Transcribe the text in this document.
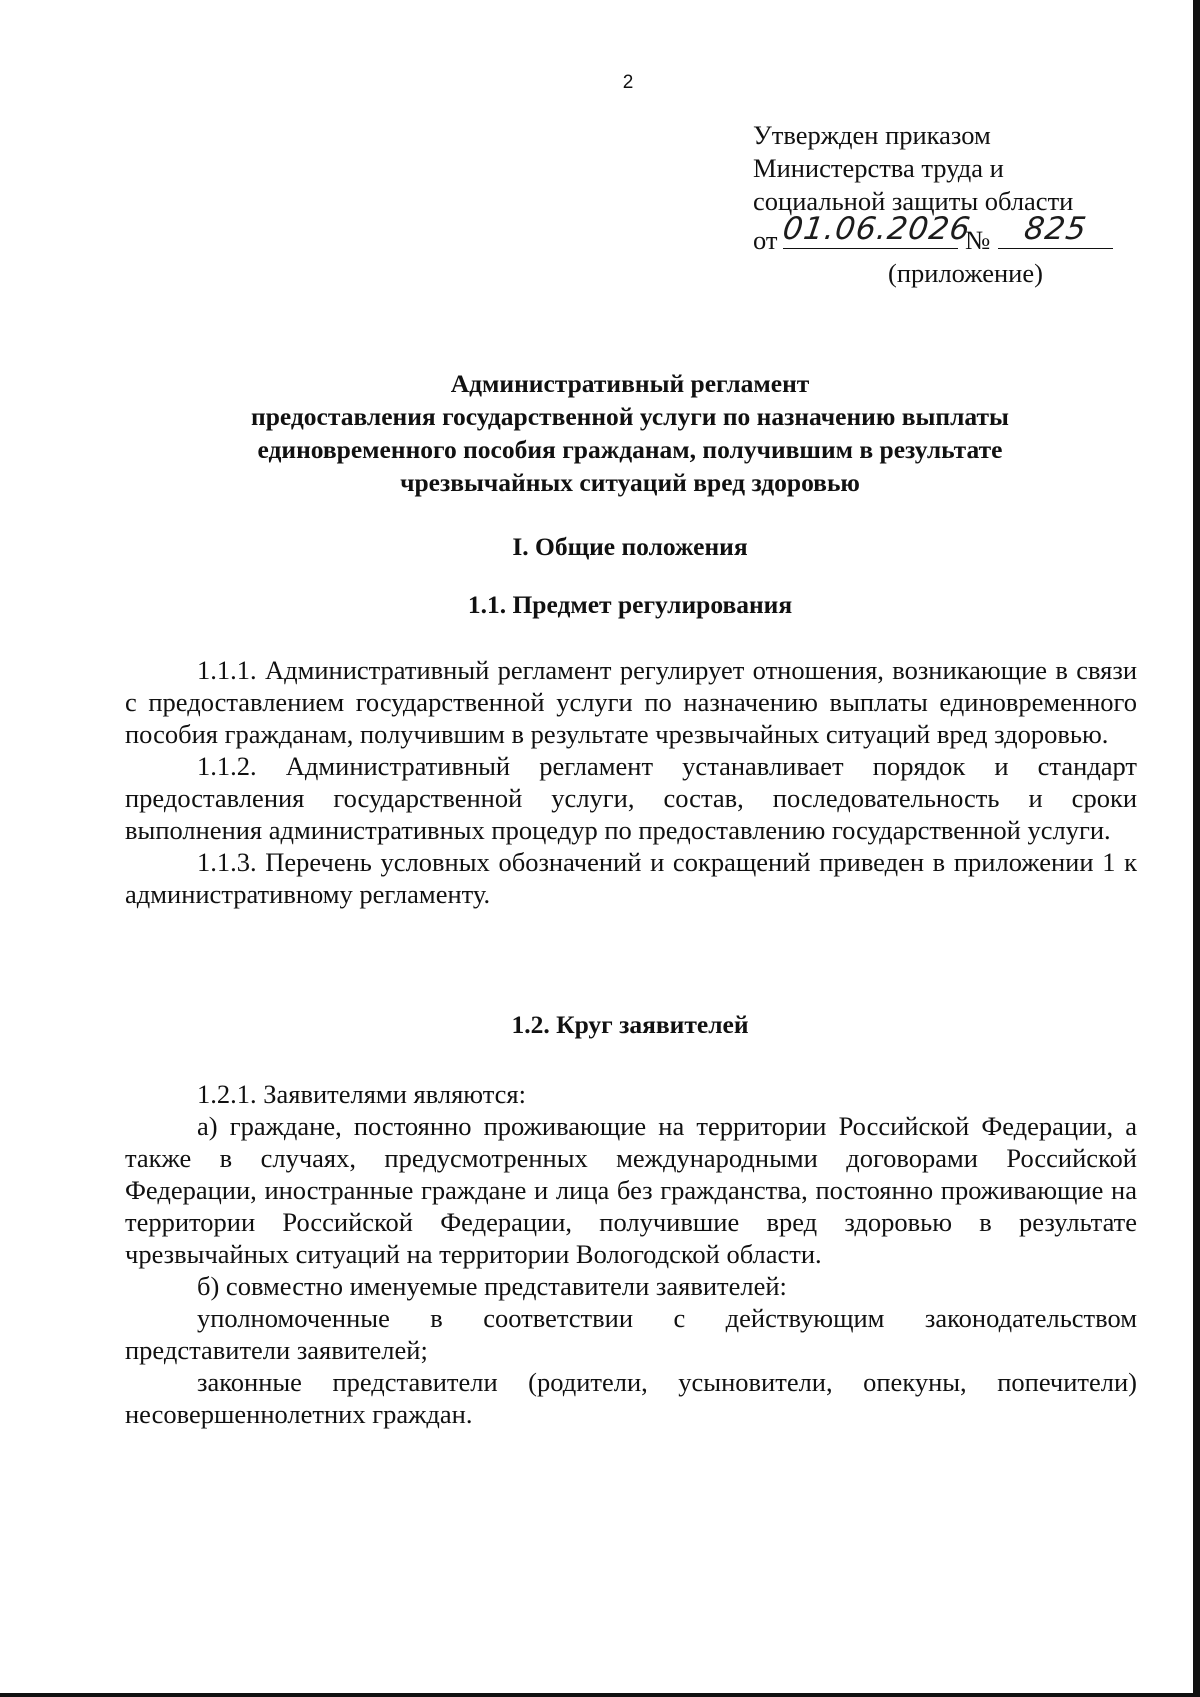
2
Утвержден приказом
Министерства труда и
социальной защиты области
от 01.06.2026
№	825
(приложение)
Административный регламент
предоставления государственной услуги по назначению выплаты
единовременного пособия гражданам, получившим в результате
чрезвычайных ситуаций вред здоровью
I. Общие положения
1.1. Предмет регулирования

1.1.1. Административный регламент регулирует отношения, возникающие в связи с предоставлением государственной услуги по назначению выплаты единовременного пособия гражданам, получившим в результате чрезвычайных ситуаций вред здоровью.

1.1.2. Административный регламент устанавливает порядок и стандарт предоставления государственной услуги, состав, последовательность и сроки выполнения административных процедур по предоставлению государственной услуги.

1.1.3. Перечень условных обозначений и сокращений приведен в приложении 1 к административному регламенту.

1.2. Круг заявителей

1.2.1. Заявителями являются:

а) граждане, постоянно проживающие на территории Российской Федерации, а также в случаях, предусмотренных международными договорами Российской Федерации, иностранные граждане и лица без гражданства, постоянно проживающие на территории Российской Федерации, получившие вред здоровью в результате чрезвычайных ситуаций на территории Вологодской области.

б) совместно именуемые представители заявителей:

уполномоченные в соответствии с действующим законодательством представители заявителей;

законные представители (родители, усыновители, опекуны, попечители) несовершеннолетних граждан.
